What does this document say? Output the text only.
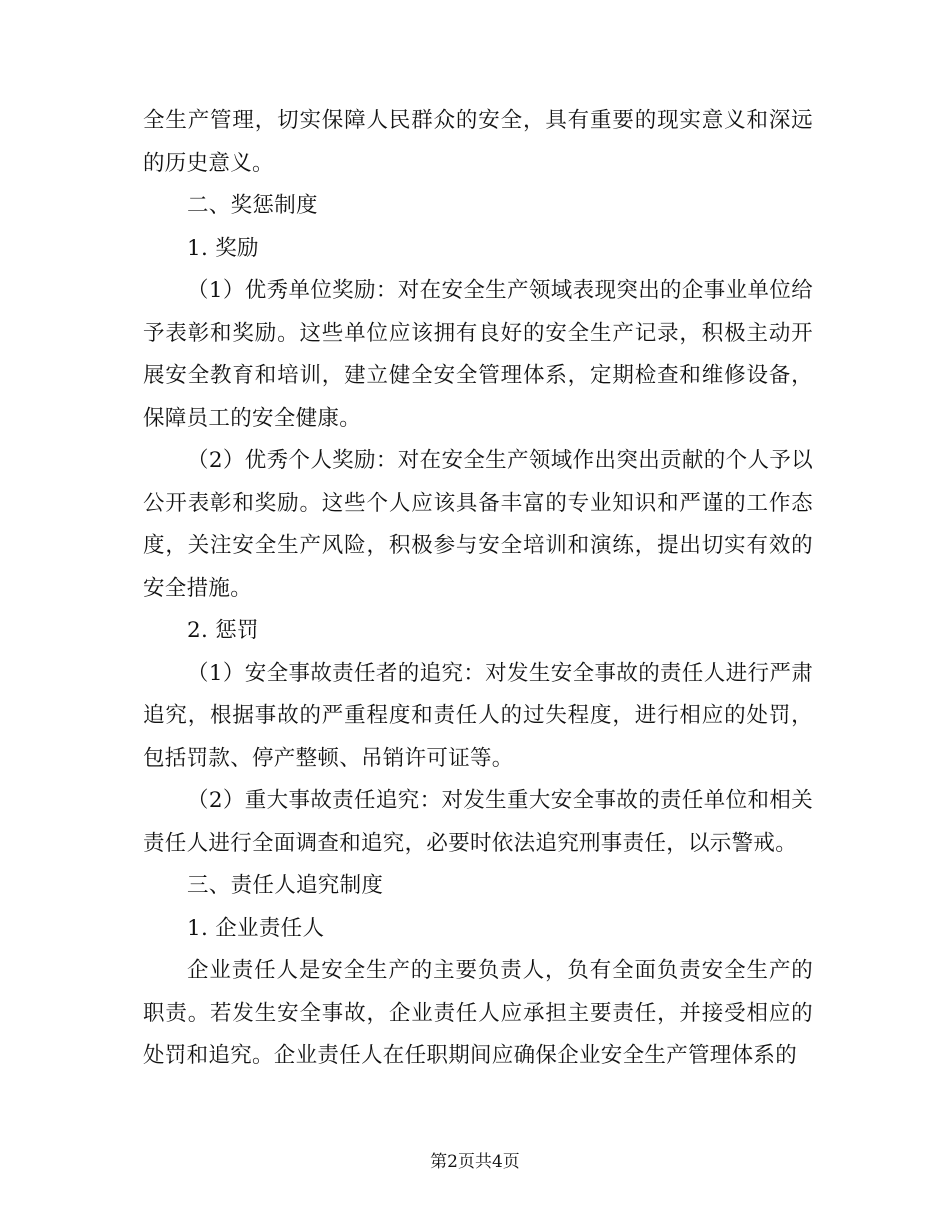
全生产管理，切实保障人民群众的安全，具有重要的现实意义和深远的历史意义。

二、奖惩制度

1. 奖励

（1）优秀单位奖励：对在安全生产领域表现突出的企事业单位给予表彰和奖励。这些单位应该拥有良好的安全生产记录，积极主动开展安全教育和培训，建立健全安全管理体系，定期检查和维修设备，保障员工的安全健康。

（2）优秀个人奖励：对在安全生产领域作出突出贡献的个人予以公开表彰和奖励。这些个人应该具备丰富的专业知识和严谨的工作态度，关注安全生产风险，积极参与安全培训和演练，提出切实有效的安全措施。

2. 惩罚

（1）安全事故责任者的追究：对发生安全事故的责任人进行严肃追究，根据事故的严重程度和责任人的过失程度，进行相应的处罚，包括罚款、停产整顿、吊销许可证等。

（2）重大事故责任追究：对发生重大安全事故的责任单位和相关责任人进行全面调查和追究，必要时依法追究刑事责任，以示警戒。

三、责任人追究制度

1. 企业责任人

企业责任人是安全生产的主要负责人，负有全面负责安全生产的职责。若发生安全事故，企业责任人应承担主要责任，并接受相应的处罚和追究。企业责任人在任职期间应确保企业安全生产管理体系的

第2页共4页
